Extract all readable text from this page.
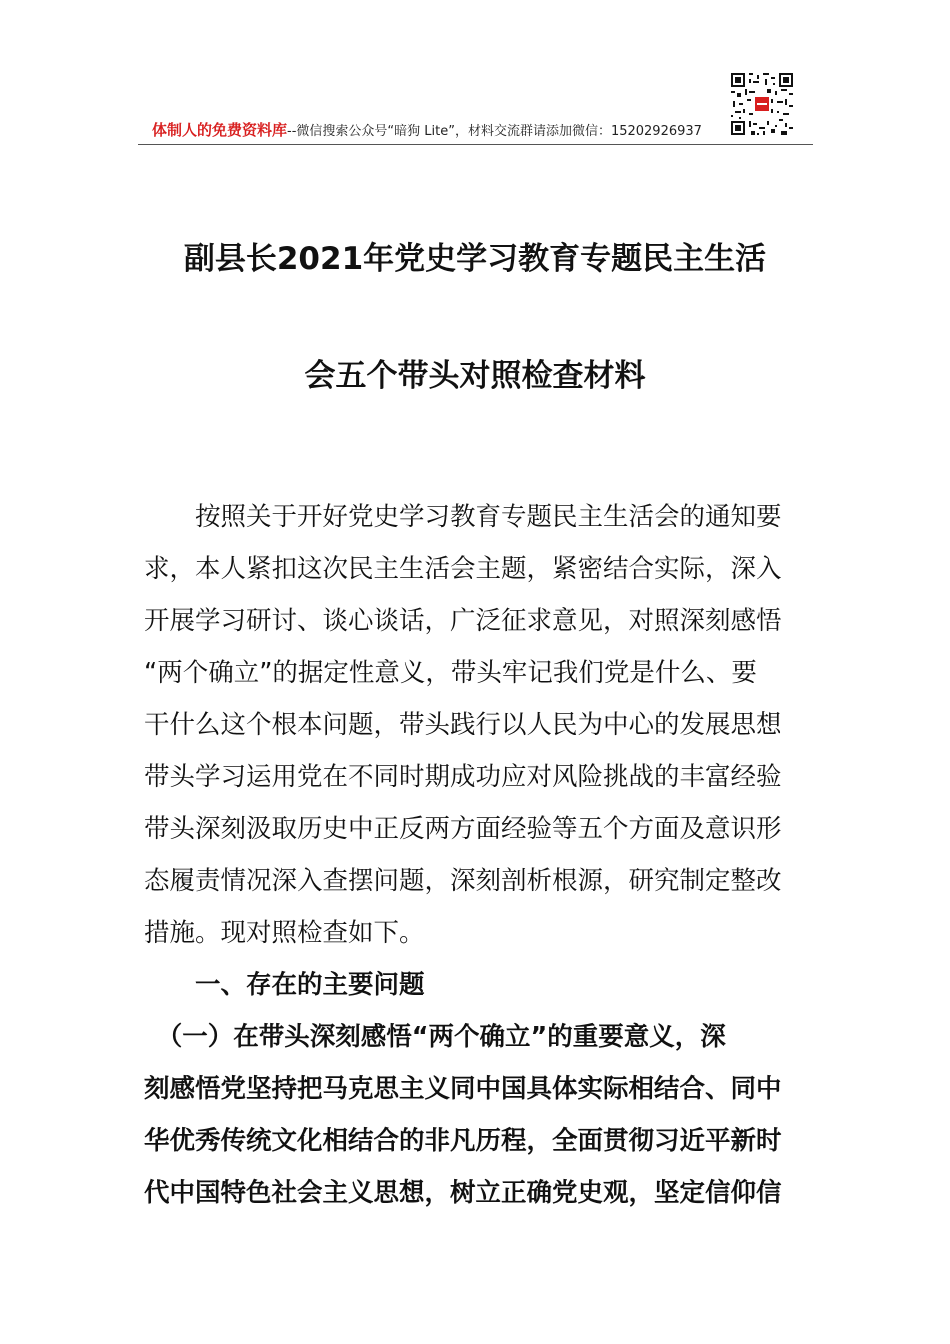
体制人的免费资料库--微信搜索公众号“暗狗 Lite”，材料交流群请添加微信：15202926937
副县长2021年党史学习教育专题民主生活
会五个带头对照检查材料
　　按照关于开好党史学习教育专题民主生活会的通知要
求，本人紧扣这次民主生活会主题，紧密结合实际，深入
开展学习研讨、谈心谈话，广泛征求意见，对照深刻感悟
“两个确立”的据定性意义，带头牢记我们党是什么、要
干什么这个根本问题，带头践行以人民为中心的发展思想
带头学习运用党在不同时期成功应对风险挑战的丰富经验
带头深刻汲取历史中正反两方面经验等五个方面及意识形
态履责情况深入查摆问题，深刻剖析根源，研究制定整改
措施。现对照检查如下。
　　一、存在的主要问题
　（一）在带头深刻感悟“两个确立”的重要意义，深
刻感悟党坚持把马克思主义同中国具体实际相结合、同中
华优秀传统文化相结合的非凡历程，全面贯彻习近平新时
代中国特色社会主义思想，树立正确党史观，坚定信仰信
